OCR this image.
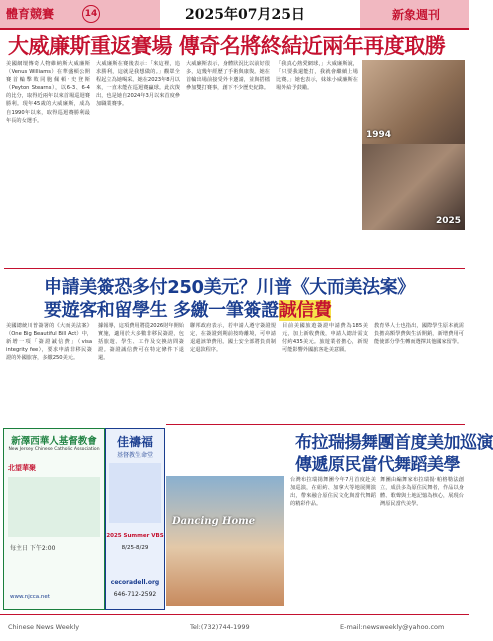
體育競賽	14	2025年07月25日	新象週刊
大威廉斯重返賽場 傳奇名將終結近兩年再度取勝
美國網壇傳奇人物維納斯大威廉斯（Venus Williams）在華盛頓公開賽首輪擊敗同胞佩頓‧史登斯（Peyton Stearns），以6-3、6-4的比分，取得近兩年以來首場巡迴賽勝利。現年45歲的大威廉斯，成為自1990年以來，取得巡迴賽勝利最年長的女選手。
大威廉斯在賽後表示：「來這裡，追求勝利，這就是我想做的。」觀眾全程起立為她喝采。她在2023年8月以來，一直未能在巡迴賽贏球。此次復出，也是她自2024年3月以來首度參加職業賽事。
大威廉斯表示，身體狀況比以前好很多，這幾年經歷了手術與康復。她在首輪出場前接受外卡邀請，並與搭檔參加雙打賽事，創下不少歷史紀錄。
「我真心熱愛網球，」大威廉斯說，「只要我還能打，我就會繼續上場比賽。」她也表示，妹妹小威廉斯在場外給予鼓勵。
1994
2025
申請美簽恐多付250美元？川普《大而美法案》
要遊客和留學生 多繳一筆簽證誠信費
美國總統川普簽署的《大而美法案》（One Big Beautiful Bill Act）中，新增一項「簽證誠信費」（visa integrity fee），要求申請非移民簽證的外國旅客，多繳250美元。
據報導，這項費用將從2026財年開始實施，適用於大多數非移民簽證，包括旅遊、學生、工作及交換訪問簽證。簽證誠信費可在特定條件下退還。
聯邦政府表示，若申請人遵守簽證規定，在簽證到期前按時離境，可申請退還該筆費用。國土安全部將負責制定退款程序。
目前美國旅遊簽證申請費為185美元，加上新收費後，申請人總計需支付約435美元。旅遊業者擔心，新規可能影響外國旅客赴美意願。
教育界人士也指出，國際學生原本就需負擔高額學費與生活開銷，新增費用可能使部分學生轉而選擇其他國家留學。
新澤西華人基督教會
New Jersey Chinese Catholic Association
北望華聚
每主日 下午2:00
www.njcca.net
佳禱福
基督教生命堂
2025 Summer VBS
8/25-8/29
cecoradell.org
646-712-2592
布拉瑞揚舞團首度美加巡演
傳遞原民當代舞蹈美學
Dancing Home
台灣布拉瑞揚舞團今年7月首度赴美加巡演，在紐約、加拿大等地展開演出，帶來融合原住民文化與當代舞蹈的精彩作品。
舞團由編舞家布拉瑞揚‧帕格勒法創立，成員多為原住民舞者，作品以身體、歌聲與土地記憶為核心，展現台灣原民當代美學。
Chinese News Weekly	Tel:(732)744-1999	E-mail:newsweekly@yahoo.com
